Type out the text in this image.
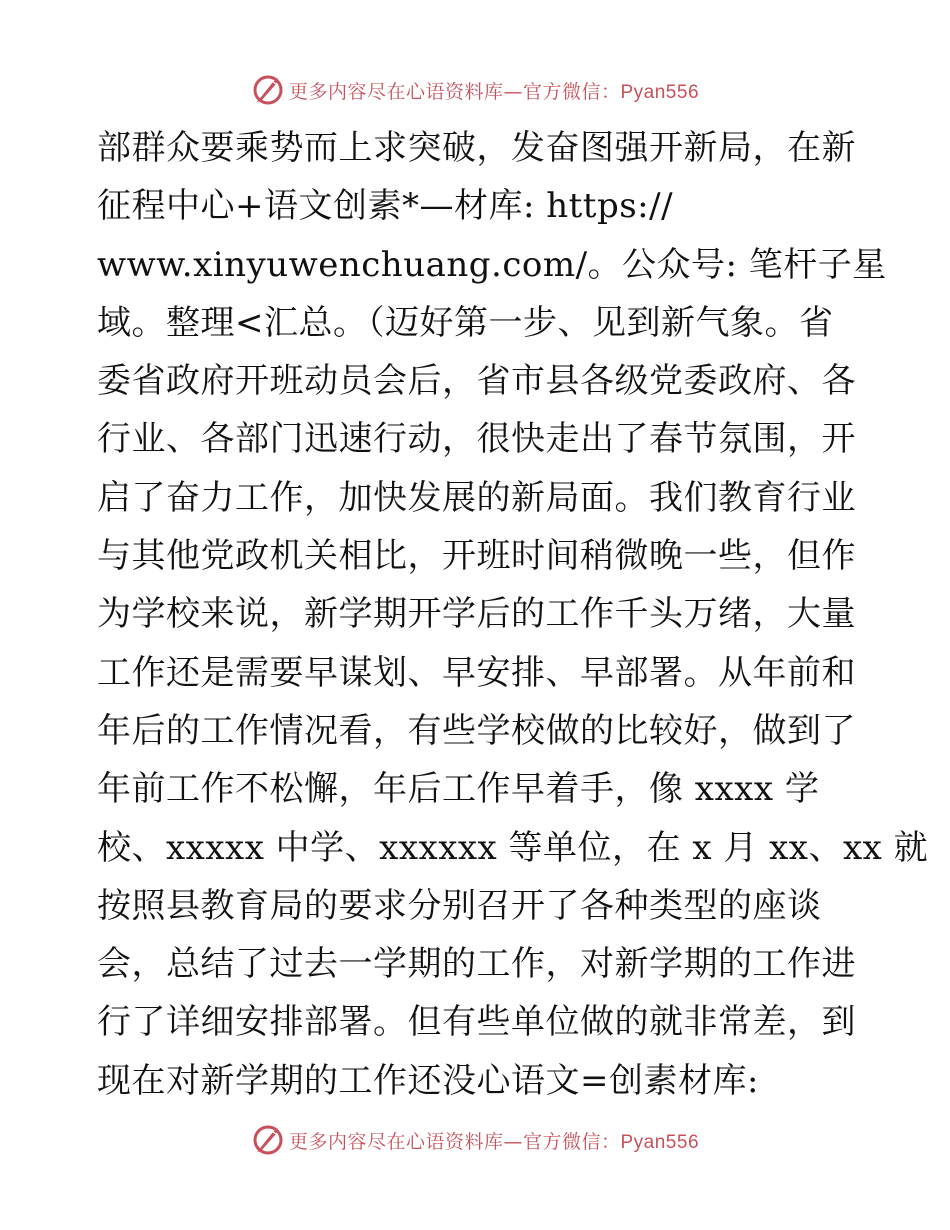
更多内容尽在心语资料库—官方微信：Pyan556
部群众要乘势而上求突破，发奋图强开新局，在新
征程中心+语文创素*—材库: https://
www.xinyuwenchuang.com/。公众号: 笔杆子星
域。整理<汇总。（迈好第一步、见到新气象。省
委省政府开班动员会后，省市县各级党委政府、各
行业、各部门迅速行动，很快走出了春节氛围，开
启了奋力工作，加快发展的新局面。我们教育行业
与其他党政机关相比，开班时间稍微晚一些，但作
为学校来说，新学期开学后的工作千头万绪，大量
工作还是需要早谋划、早安排、早部署。从年前和
年后的工作情况看，有些学校做的比较好，做到了
年前工作不松懈，年后工作早着手，像 xxxx 学
校、xxxxx 中学、xxxxxx 等单位，在 x 月 xx、xx 就
按照县教育局的要求分别召开了各种类型的座谈
会，总结了过去一学期的工作，对新学期的工作进
行了详细安排部署。但有些单位做的就非常差，到
现在对新学期的工作还没心语文=创素材库:
更多内容尽在心语资料库—官方微信：Pyan556
